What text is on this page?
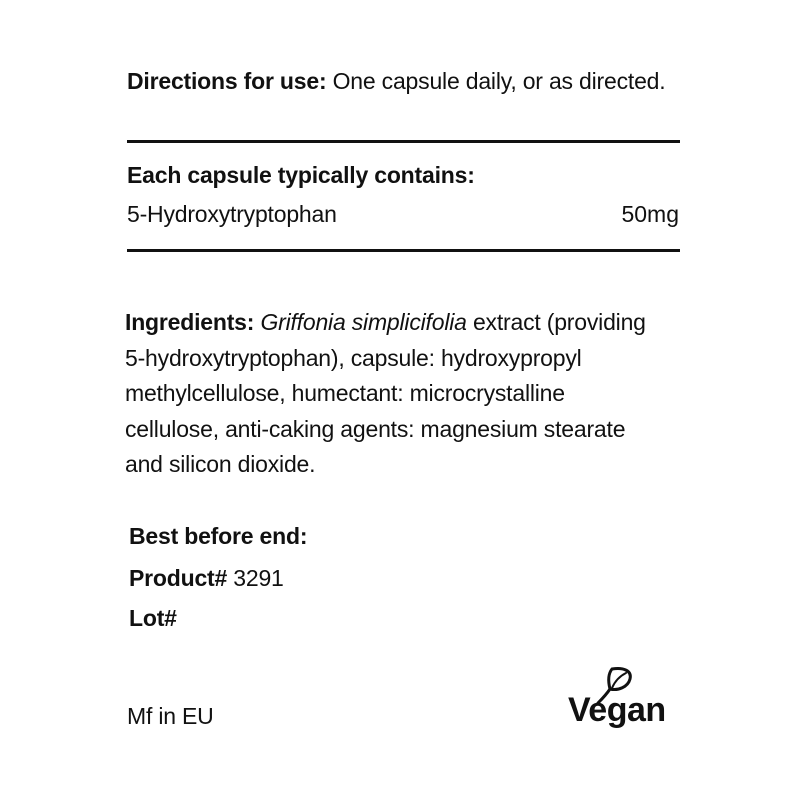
Directions for use: One capsule daily, or as directed.
Each capsule typically contains:
5-Hydroxytryptophan	50mg

Ingredients: Griffonia simplicifolia extract (providing

5-hydroxytryptophan), capsule: hydroxypropyl

methylcellulose, humectant: microcrystalline

cellulose, anti-caking agents: magnesium stearate

and silicon dioxide.

Best before end:
Product# 3291
Lot#
Mf in EU	Vegan
